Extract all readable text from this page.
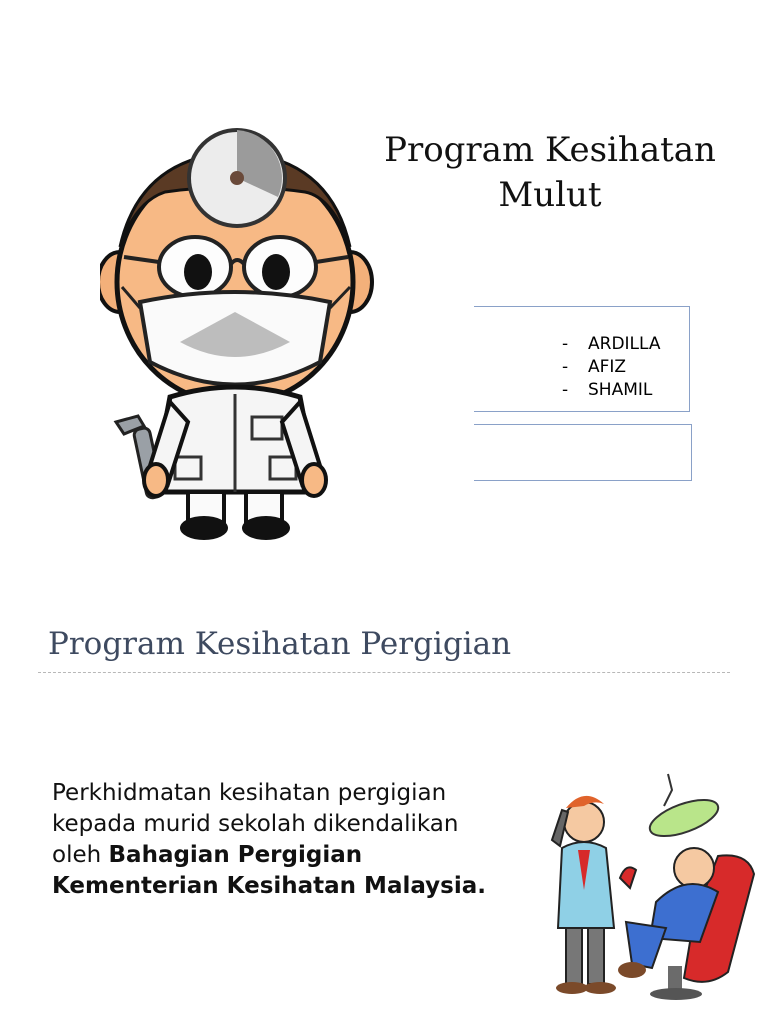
Program Kesihatan
Mulut
- ARDILLA
- AFIZ
- SHAMIL
Program Kesihatan Pergigian
Perkhidmatan kesihatan pergigian kepada murid sekolah dikendalikan oleh Bahagian Pergigian Kementerian Kesihatan Malaysia.
